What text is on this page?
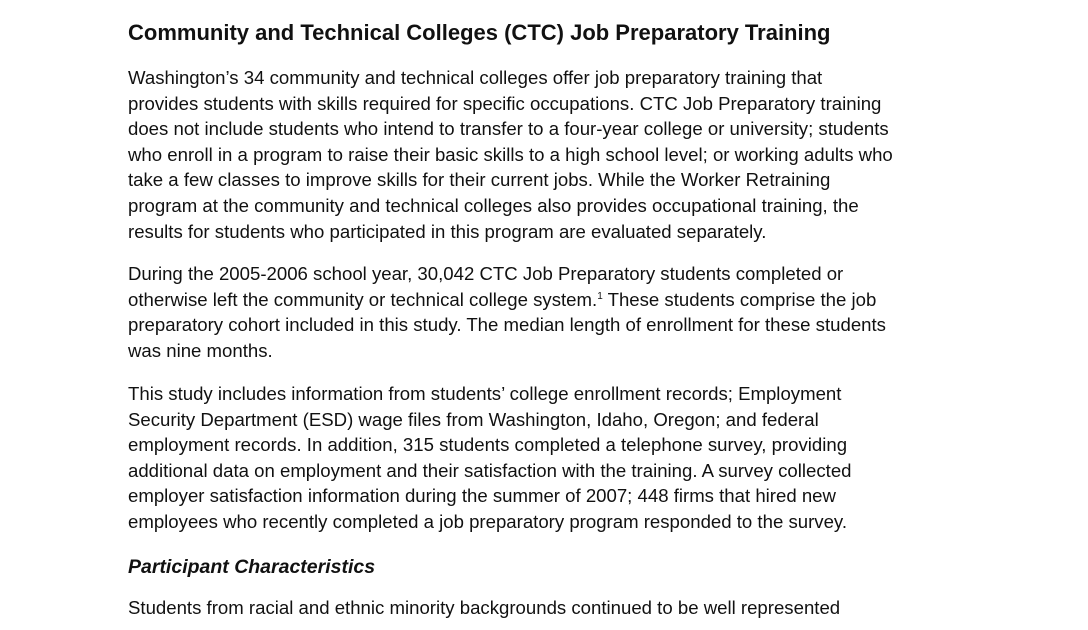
Community and Technical Colleges (CTC) Job Preparatory Training

Washington’s 34 community and technical colleges offer job preparatory training that
provides students with skills required for specific occupations. CTC Job Preparatory training
does not include students who intend to transfer to a four-year college or university; students
who enroll in a program to raise their basic skills to a high school level; or working adults who
take a few classes to improve skills for their current jobs. While the Worker Retraining
program at the community and technical colleges also provides occupational training, the
results for students who participated in this program are evaluated separately.

During the 2005-2006 school year, 30,042 CTC Job Preparatory students completed or
otherwise left the community or technical college system.$^1$ These students comprise the job
preparatory cohort included in this study. The median length of enrollment for these students
was nine months.

This study includes information from students’ college enrollment records; Employment
Security Department (ESD) wage files from Washington, Idaho, Oregon; and federal
employment records. In addition, 315 students completed a telephone survey, providing
additional data on employment and their satisfaction with the training. A survey collected
employer satisfaction information during the summer of 2007; 448 firms that hired new
employees who recently completed a job preparatory program responded to the survey.

Participant Characteristics

Students from racial and ethnic minority backgrounds continued to be well represented
